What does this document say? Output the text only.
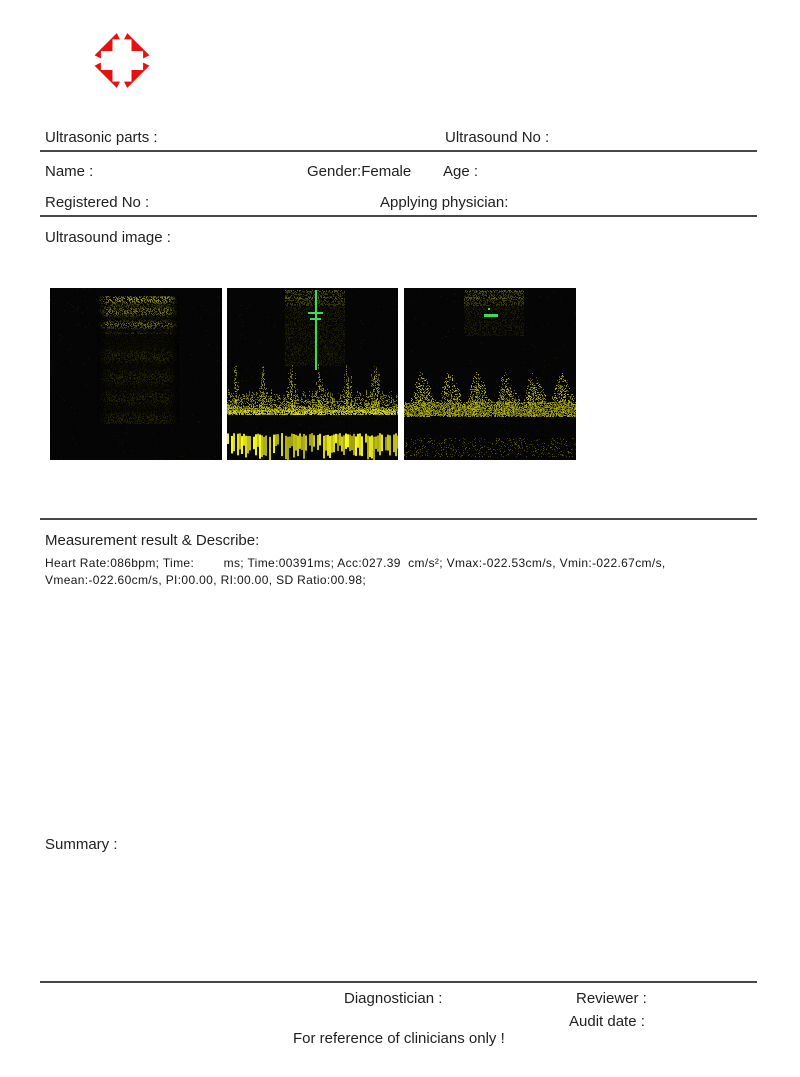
Ultrasonic parts :	Ultrasound No :
Name :	Gender:Female Age :
Registered No :	Applying physician:
Ultrasound image :
Measurement result & Describe:
Heart Rate:086bpm; Time:        ms; Time:00391ms; Acc:027.39  cm/s²; Vmax:-022.53cm/s, Vmin:-022.67cm/s,
Vmean:-022.60cm/s, PI:00.00, RI:00.00, SD Ratio:00.98;
Summary :
Diagnostician :	Reviewer :
Audit date :
For reference of clinicians only !
